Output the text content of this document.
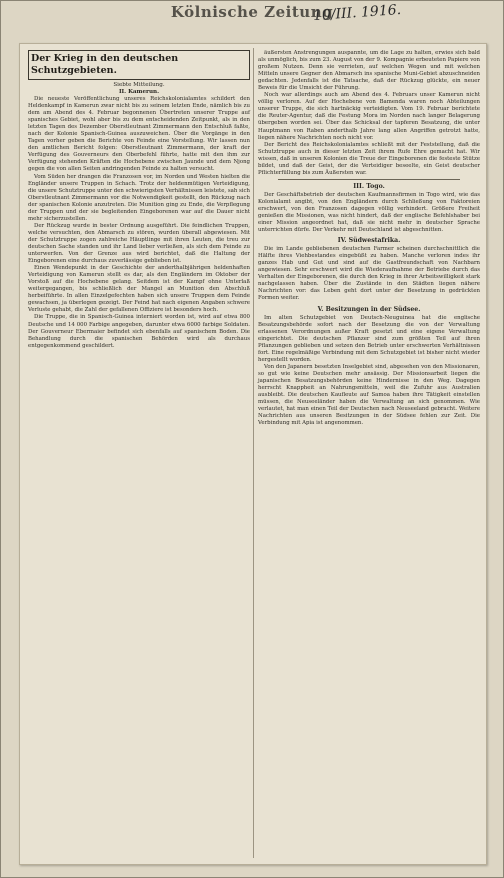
Kölnische Zeitung
10/III. 1916.
Der Krieg in den deutschen Schutzgebieten.
Siebte Mitteilung.
II. Kamerun.

Die neueste Veröffentlichung unseres Reichskolonialamtes schildert den Heldenkampf in Kamerun zwar nicht bis zu seinem letzten Ende, nämlich bis zu dem am Abend des 4. Februar begonnenen Übertreten unserer Truppe auf spanisches Gebiet, wohl aber bis zu dem entscheidenden Zeitpunkt, als in den letzten Tagen des Dezember Oberstleutnant Zimmermann den Entschluß faßte, nach der Kolonie Spanisch-Guinea auszuweichen. Über die Vorgänge in den Tagen vorher geben die Berichte von Feinde eine Vorstellung. Wir lassen nun den amtlichen Bericht folgen: Oberstleutnant Zimmermann, der kraft der Verfügung des Gouverneurs den Oberbefehl führte, hatte mit den ihm zur Verfügung stehenden Kräften die Hochebene zwischen Jaunde und dem Njong gegen die von allen Seiten andringenden Feinde zu halten versucht.

Vom Süden her drangen die Franzosen vor, im Norden und Westen hielten die Engländer unsere Truppen in Schach. Trotz der heldenmütigen Verteidigung, die unsere Schutztruppe unter den schwierigsten Verhältnissen leistete, sah sich Oberstleutnant Zimmermann vor die Notwendigkeit gestellt, den Rückzug nach der spanischen Kolonie anzutreten. Die Munition ging zu Ende, die Verpflegung der Truppen und der sie begleitenden Eingeborenen war auf die Dauer nicht mehr sicherzustellen.

Der Rückzug wurde in bester Ordnung ausgeführt. Die feindlichen Truppen, welche versuchten, den Abmarsch zu stören, wurden überall abgewiesen. Mit der Schutztruppe zogen zahlreiche Häuptlinge mit ihren Leuten, die treu zur deutschen Sache standen und ihr Land lieber verließen, als sich dem Feinde zu unterwerfen. Von der Grenze aus wird berichtet, daß die Haltung der Eingeborenen eine durchaus zuverlässige geblieben ist.

Einen Wendepunkt in der Geschichte der anderthalbjährigen heldenhaften Verteidigung von Kamerun stellt es dar, als den Engländern im Oktober der Vorstoß auf die Hochebene gelang. Seitdem ist der Kampf ohne Unterlaß weitergegangen, bis schließlich der Mangel an Munition den Abschluß herbeiführte. In allen Einzelgefechten haben sich unsere Truppen dem Feinde gewachsen, ja überlegen gezeigt. Der Feind hat nach eigenen Angaben schwere Verluste gehabt, die Zahl der gefallenen Offiziere ist besonders hoch.

Die Truppe, die in Spanisch-Guinea interniert worden ist, wird auf etwa 800 Deutsche und 14 000 Farbige angegeben, darunter etwa 6000 farbige Soldaten. Der Gouverneur Ebermaier befindet sich ebenfalls auf spanischem Boden. Die Behandlung durch die spanischen Behörden wird als durchaus entgegenkommend geschildert.

äußersten Anstrengungen auspannte, um die Lage zu halten, erwies sich bald als unmöglich, bis zum 23. August von der 9. Kompagnie erbeuteten Papiere von großem Nutzen. Denn sie verrieten, auf welchen Wegen und mit welchen Mitteln unsere Gegner den Abmarsch ins spanische Muni-Gebiet abzuschneiden gedachten. Jedenfalls ist die Tatsache, daß der Rückzug glückte, ein neuer Beweis für die Umsicht der Führung.

Noch war allerdings auch am Abend des 4. Februars unser Kamerun nicht völlig verloren. Auf der Hochebene von Bamenda waren noch Abteilungen unserer Truppe, die sich hartnäckig verteidigten. Vom 19. Februar berichtete die Reuter-Agentur, daß die Festung Mora im Norden nach langer Belagerung übergeben worden sei. Über das Schicksal der tapferen Besatzung, die unter Hauptmann von Raben anderthalb Jahre lang allen Angriffen getrotzt hatte, liegen nähere Nachrichten noch nicht vor.

Der Bericht des Reichskolonialamtes schließt mit der Feststellung, daß die Schutztruppe auch in dieser letzten Zeit ihrem Rufe Ehre gemacht hat. Wir wissen, daß in unseren Kolonien die Treue der Eingeborenen die festeste Stütze bildet, und daß der Geist, der die Verteidiger beseelte, ein Geist deutscher Pflichterfüllung bis zum Äußersten war.

III. Togo.

Der Geschäftsbetrieb der deutschen Kaufmannsfirmen in Togo wird, wie das Kolonialamt angibt, von den Engländern durch Schließung von Faktoreien erschwert, von den Franzosen dagegen völlig verhindert. Größere Freiheit genießen die Missionen, was nicht hindert, daß der englische Befehlshaber bei einer Mission angeordnet hat, daß sie nicht mehr in deutscher Sprache unterrichten dürfe. Der Verkehr mit Deutschland ist abgeschnitten.

IV. Südwestafrika.

Die im Lande gebliebenen deutschen Farmer scheinen durchschnittlich die Hälfte ihres Viehbestandes eingebüßt zu haben. Manche verloren indes ihr ganzes Hab und Gut und sind auf die Gastfreundschaft von Nachbarn angewiesen. Sehr erschwert wird die Wiederaufnahme der Betriebe durch das Verhalten der Eingeborenen, die durch den Krieg in ihrer Arbeitswilligkeit stark nachgelassen haben. Über die Zustände in den Städten liegen nähere Nachrichten vor: das Leben geht dort unter der Besetzung in gedrückten Formen weiter.

V. Besitzungen in der Südsee.

Im alten Schutzgebiet von Deutsch-Neuguinea hat die englische Besatzungsbehörde sofort nach der Besetzung die von der Verwaltung erlassenen Verordnungen außer Kraft gesetzt und eine eigene Verwaltung eingerichtet. Die deutschen Pflanzer sind zum größten Teil auf ihren Pflanzungen geblieben und setzen den Betrieb unter erschwerten Verhältnissen fort. Eine regelmäßige Verbindung mit dem Schutzgebiet ist bisher nicht wieder hergestellt worden.

Von den Japanern besetzten Inselgebiet sind, abgesehen von den Missionaren, so gut wie keine Deutschen mehr ansässig. Der Missionsarbeit liegen die japanischen Besatzungsbehörden keine Hindernisse in den Weg. Dagegen herrscht Knappheit an Nahrungsmitteln, weil die Zufuhr aus Australien ausbleibt. Die deutschen Kaufleute auf Samoa haben ihre Tätigkeit einstellen müssen, die Neuseeländer haben die Verwaltung an sich genommen. Wie verlautet, hat man einen Teil der Deutschen nach Neuseeland gebracht. Weitere Nachrichten aus unseren Besitzungen in der Südsee fehlen zur Zeit. Die Verbindung mit Apia ist angenommen.
